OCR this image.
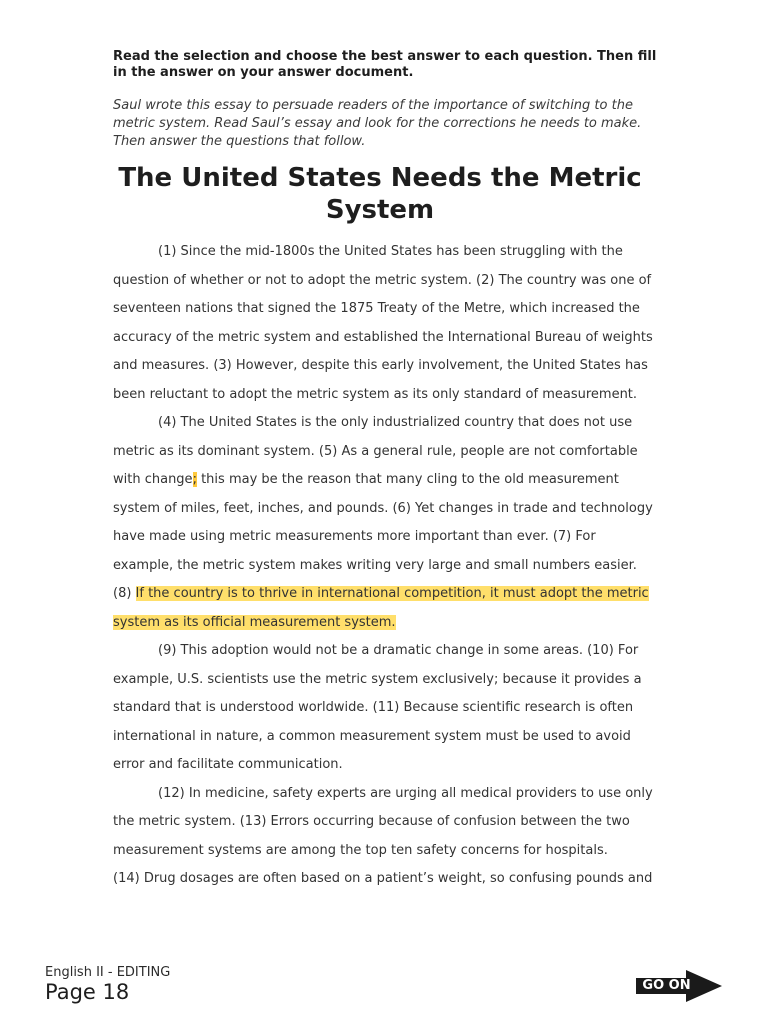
Read the selection and choose the best answer to each question. Then fill in the answer on your answer document.

Saul wrote this essay to persuade readers of the importance of switching to the metric system. Read Saul’s essay and look for the corrections he needs to make. Then answer the questions that follow.

The United States Needs the Metric System

(1) Since the mid-1800s the United States has been struggling with the question of whether or not to adopt the metric system. (2) The country was one of seventeen nations that signed the 1875 Treaty of the Metre, which increased the accuracy of the metric system and established the International Bureau of weights and measures. (3) However, despite this early involvement, the United States has been reluctant to adopt the metric system as its only standard of measurement.

(4) The United States is the only industrialized country that does not use metric as its dominant system. (5) As a general rule, people are not comfortable with change; this may be the reason that many cling to the old measurement system of miles, feet, inches, and pounds. (6) Yet changes in trade and technology have made using metric measurements more important than ever. (7) For example, the metric system makes writing very large and small numbers easier. (8) If the country is to thrive in international competition, it must adopt the metric system as its official measurement system.

(9) This adoption would not be a dramatic change in some areas. (10) For example, U.S. scientists use the metric system exclusively; because it provides a standard that is understood worldwide. (11) Because scientific research is often international in nature, a common measurement system must be used to avoid error and facilitate communication.

(12) In medicine, safety experts are urging all medical providers to use only the metric system. (13) Errors occurring because of confusion between the two measurement systems are among the top ten safety concerns for hospitals.

(14) Drug dosages are often based on a patient’s weight, so confusing pounds and

English II - EDITING

Page 18	GO ON
